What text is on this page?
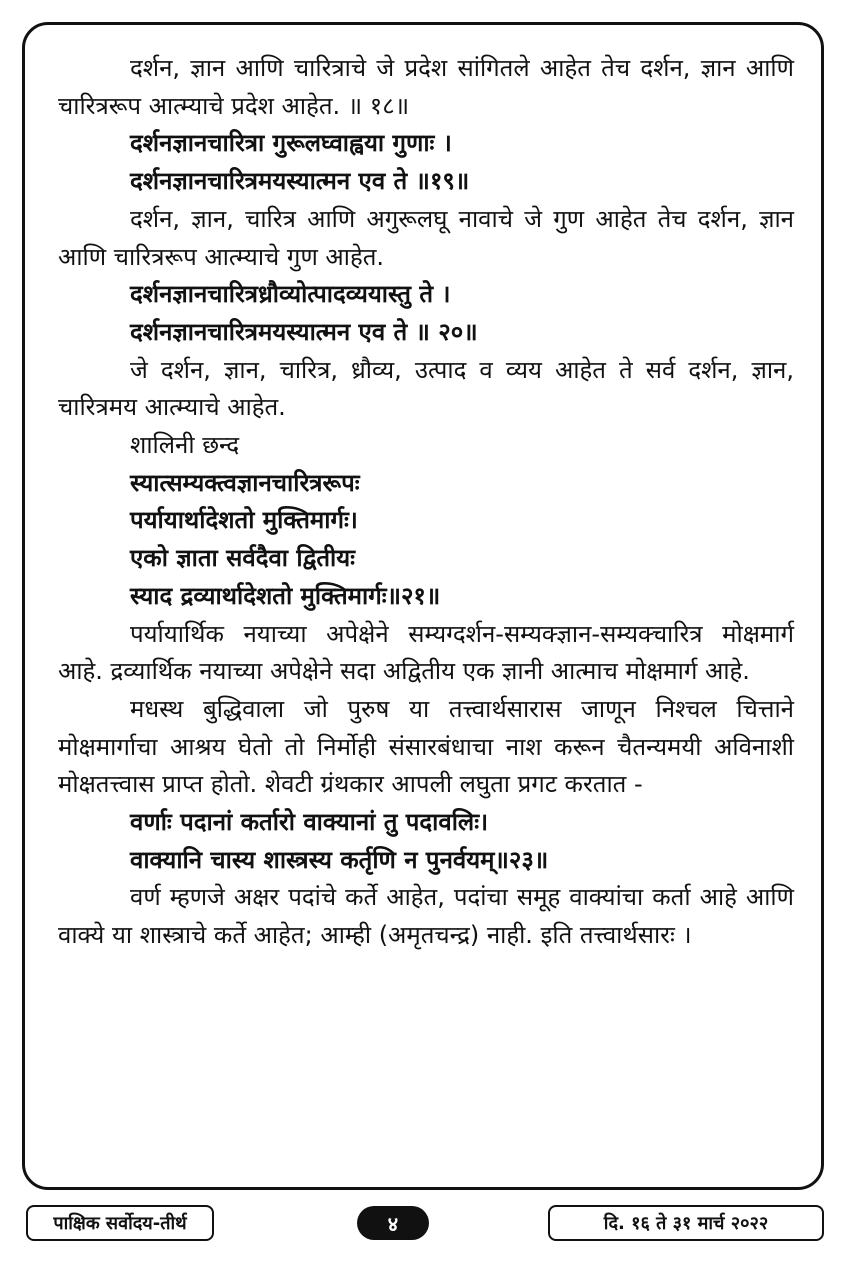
दर्शन, ज्ञान आणि चारित्राचे जे प्रदेश सांगितले आहेत तेच दर्शन, ज्ञान आणि चारित्ररूप आत्म्याचे प्रदेश आहेत. ॥ १८॥

दर्शनज्ञानचारित्रा गुरूलघ्वाह्वया गुणाः ।

दर्शनज्ञानचारित्रमयस्यात्मन एव ते ॥१९॥

दर्शन, ज्ञान, चारित्र आणि अगुरूलघू नावाचे जे गुण आहेत तेच दर्शन, ज्ञान आणि चारित्ररूप आत्म्याचे गुण आहेत.

दर्शनज्ञानचारित्रध्रौव्योत्पादव्ययास्तु ते ।

दर्शनज्ञानचारित्रमयस्यात्मन एव ते ॥ २०॥

जे दर्शन, ज्ञान, चारित्र, ध्रौव्य, उत्पाद व व्यय आहेत ते सर्व दर्शन, ज्ञान, चारित्रमय आत्म्याचे आहेत.

शालिनी छन्द

स्यात्सम्यक्त्वज्ञानचारित्ररूपः

पर्यायार्थादेशतो मुक्तिमार्गः।

एको ज्ञाता सर्वदैवा द्वितीयः

स्याद द्रव्यार्थादेशतो मुक्तिमार्गः॥२१॥

पर्यायार्थिक नयाच्या अपेक्षेने सम्यग्दर्शन-सम्यक्ज्ञान-सम्यक्चारित्र मोक्षमार्ग आहे. द्रव्यार्थिक नयाच्या अपेक्षेने सदा अद्वितीय एक ज्ञानी आत्माच मोक्षमार्ग आहे.

मधस्थ बुद्धिवाला जो पुरुष या तत्त्वार्थसारास जाणून निश्चल चित्ताने मोक्षमार्गाचा आश्रय घेतो तो निर्मोही संसारबंधाचा नाश करून चैतन्यमयी अविनाशी मोक्षतत्त्वास प्राप्त होतो. शेवटी ग्रंथकार आपली लघुता प्रगट करतात -

वर्णाः पदानां कर्तारो वाक्यानां तु पदावलिः।

वाक्यानि चास्य शास्त्रस्य कर्तृणि न पुनर्वयम्॥२३॥

वर्ण म्हणजे अक्षर पदांचे कर्ते आहेत, पदांचा समूह वाक्यांचा कर्ता आहे आणि वाक्ये या शास्त्राचे कर्ते आहेत; आम्ही (अमृतचन्द्र) नाही. इति तत्त्वार्थसारः ।

पाक्षिक सर्वोदय-तीर्थ	४	दि. १६ ते ३१ मार्च २०२२
